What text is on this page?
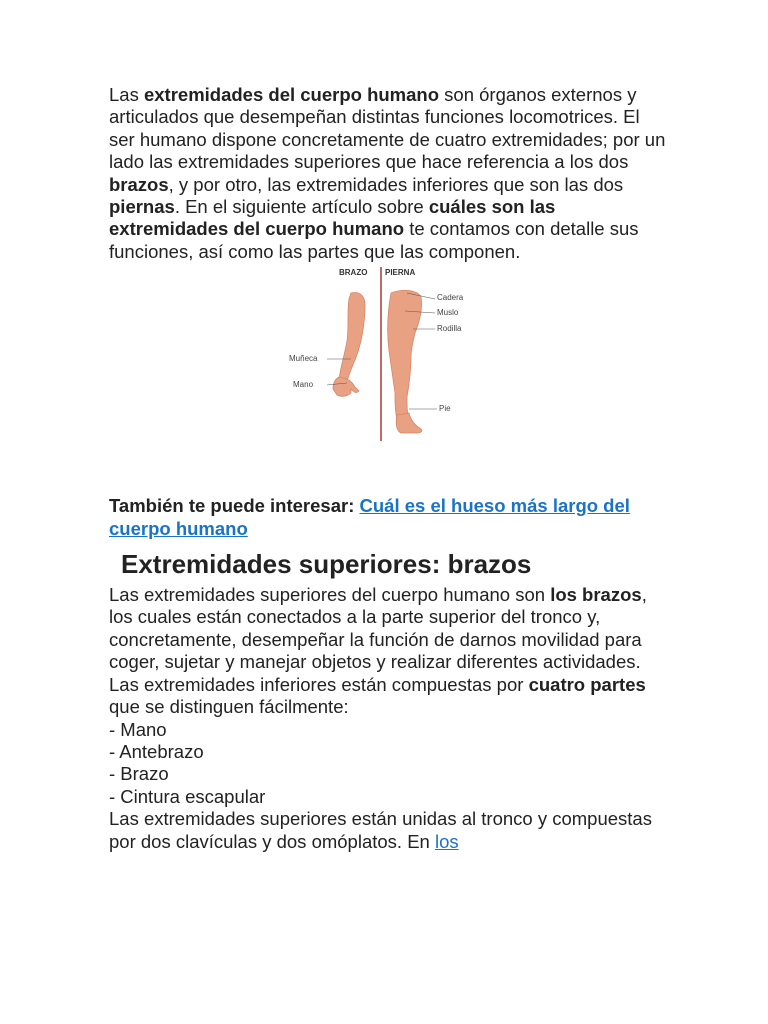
Las extremidades del cuerpo humano son órganos externos y articulados que desempeñan distintas funciones locomotrices. El ser humano dispone concretamente de cuatro extremidades; por un lado las extremidades superiores que hace referencia a los dos brazos, y por otro, las extremidades inferiores que son las dos piernas. En el siguiente artículo sobre cuáles son las extremidades del cuerpo humano te contamos con detalle sus funciones, así como las partes que las componen.

BRAZO PIERNA
Cadera
Muslo
Rodilla
Muñeca
Mano
Pie

También te puede interesar: Cuál es el hueso más largo del cuerpo humano

Extremidades superiores: brazos

Las extremidades superiores del cuerpo humano son los brazos, los cuales están conectados a la parte superior del tronco y, concretamente, desempeñar la función de darnos movilidad para coger, sujetar y manejar objetos y realizar diferentes actividades. Las extremidades inferiores están compuestas por cuatro partes que se distinguen fácilmente:

- Mano
- Antebrazo
- Brazo
- Cintura escapular

Las extremidades superiores están unidas al tronco y compuestas por dos clavículas y dos omóplatos. En los
